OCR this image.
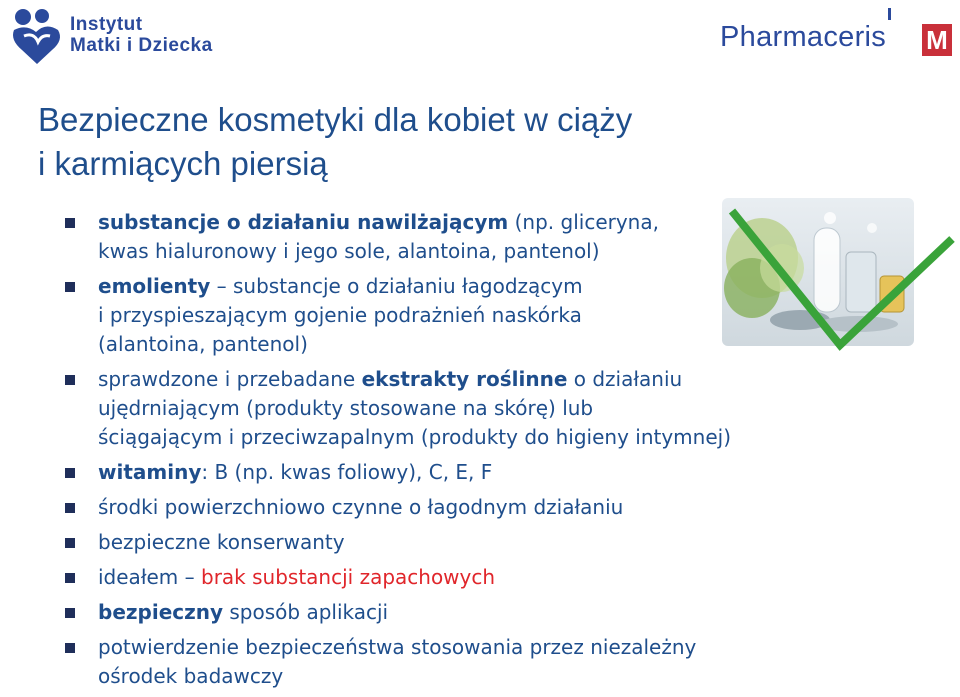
Instytut
Matki i Dziecka	Pharmaceris M
Bezpieczne kosmetyki dla kobiet w ciąży
i karmiących piersią
substancje o działaniu nawilżającym (np. gliceryna,
kwas hialuronowy i jego sole, alantoina, pantenol)
emolienty – substancje o działaniu łagodzącym
i przyspieszającym gojenie podrażnień naskórka
(alantoina, pantenol)
sprawdzone i przebadane ekstrakty roślinne o działaniu
ujędrniającym (produkty stosowane na skórę) lub
ściągającym i przeciwzapalnym (produkty do higieny intymnej)
witaminy: B (np. kwas foliowy), C, E, F
środki powierzchniowo czynne o łagodnym działaniu
bezpieczne konserwanty
ideałem – brak substancji zapachowych
bezpieczny sposób aplikacji
potwierdzenie bezpieczeństwa stosowania przez niezależny
ośrodek badawczy
